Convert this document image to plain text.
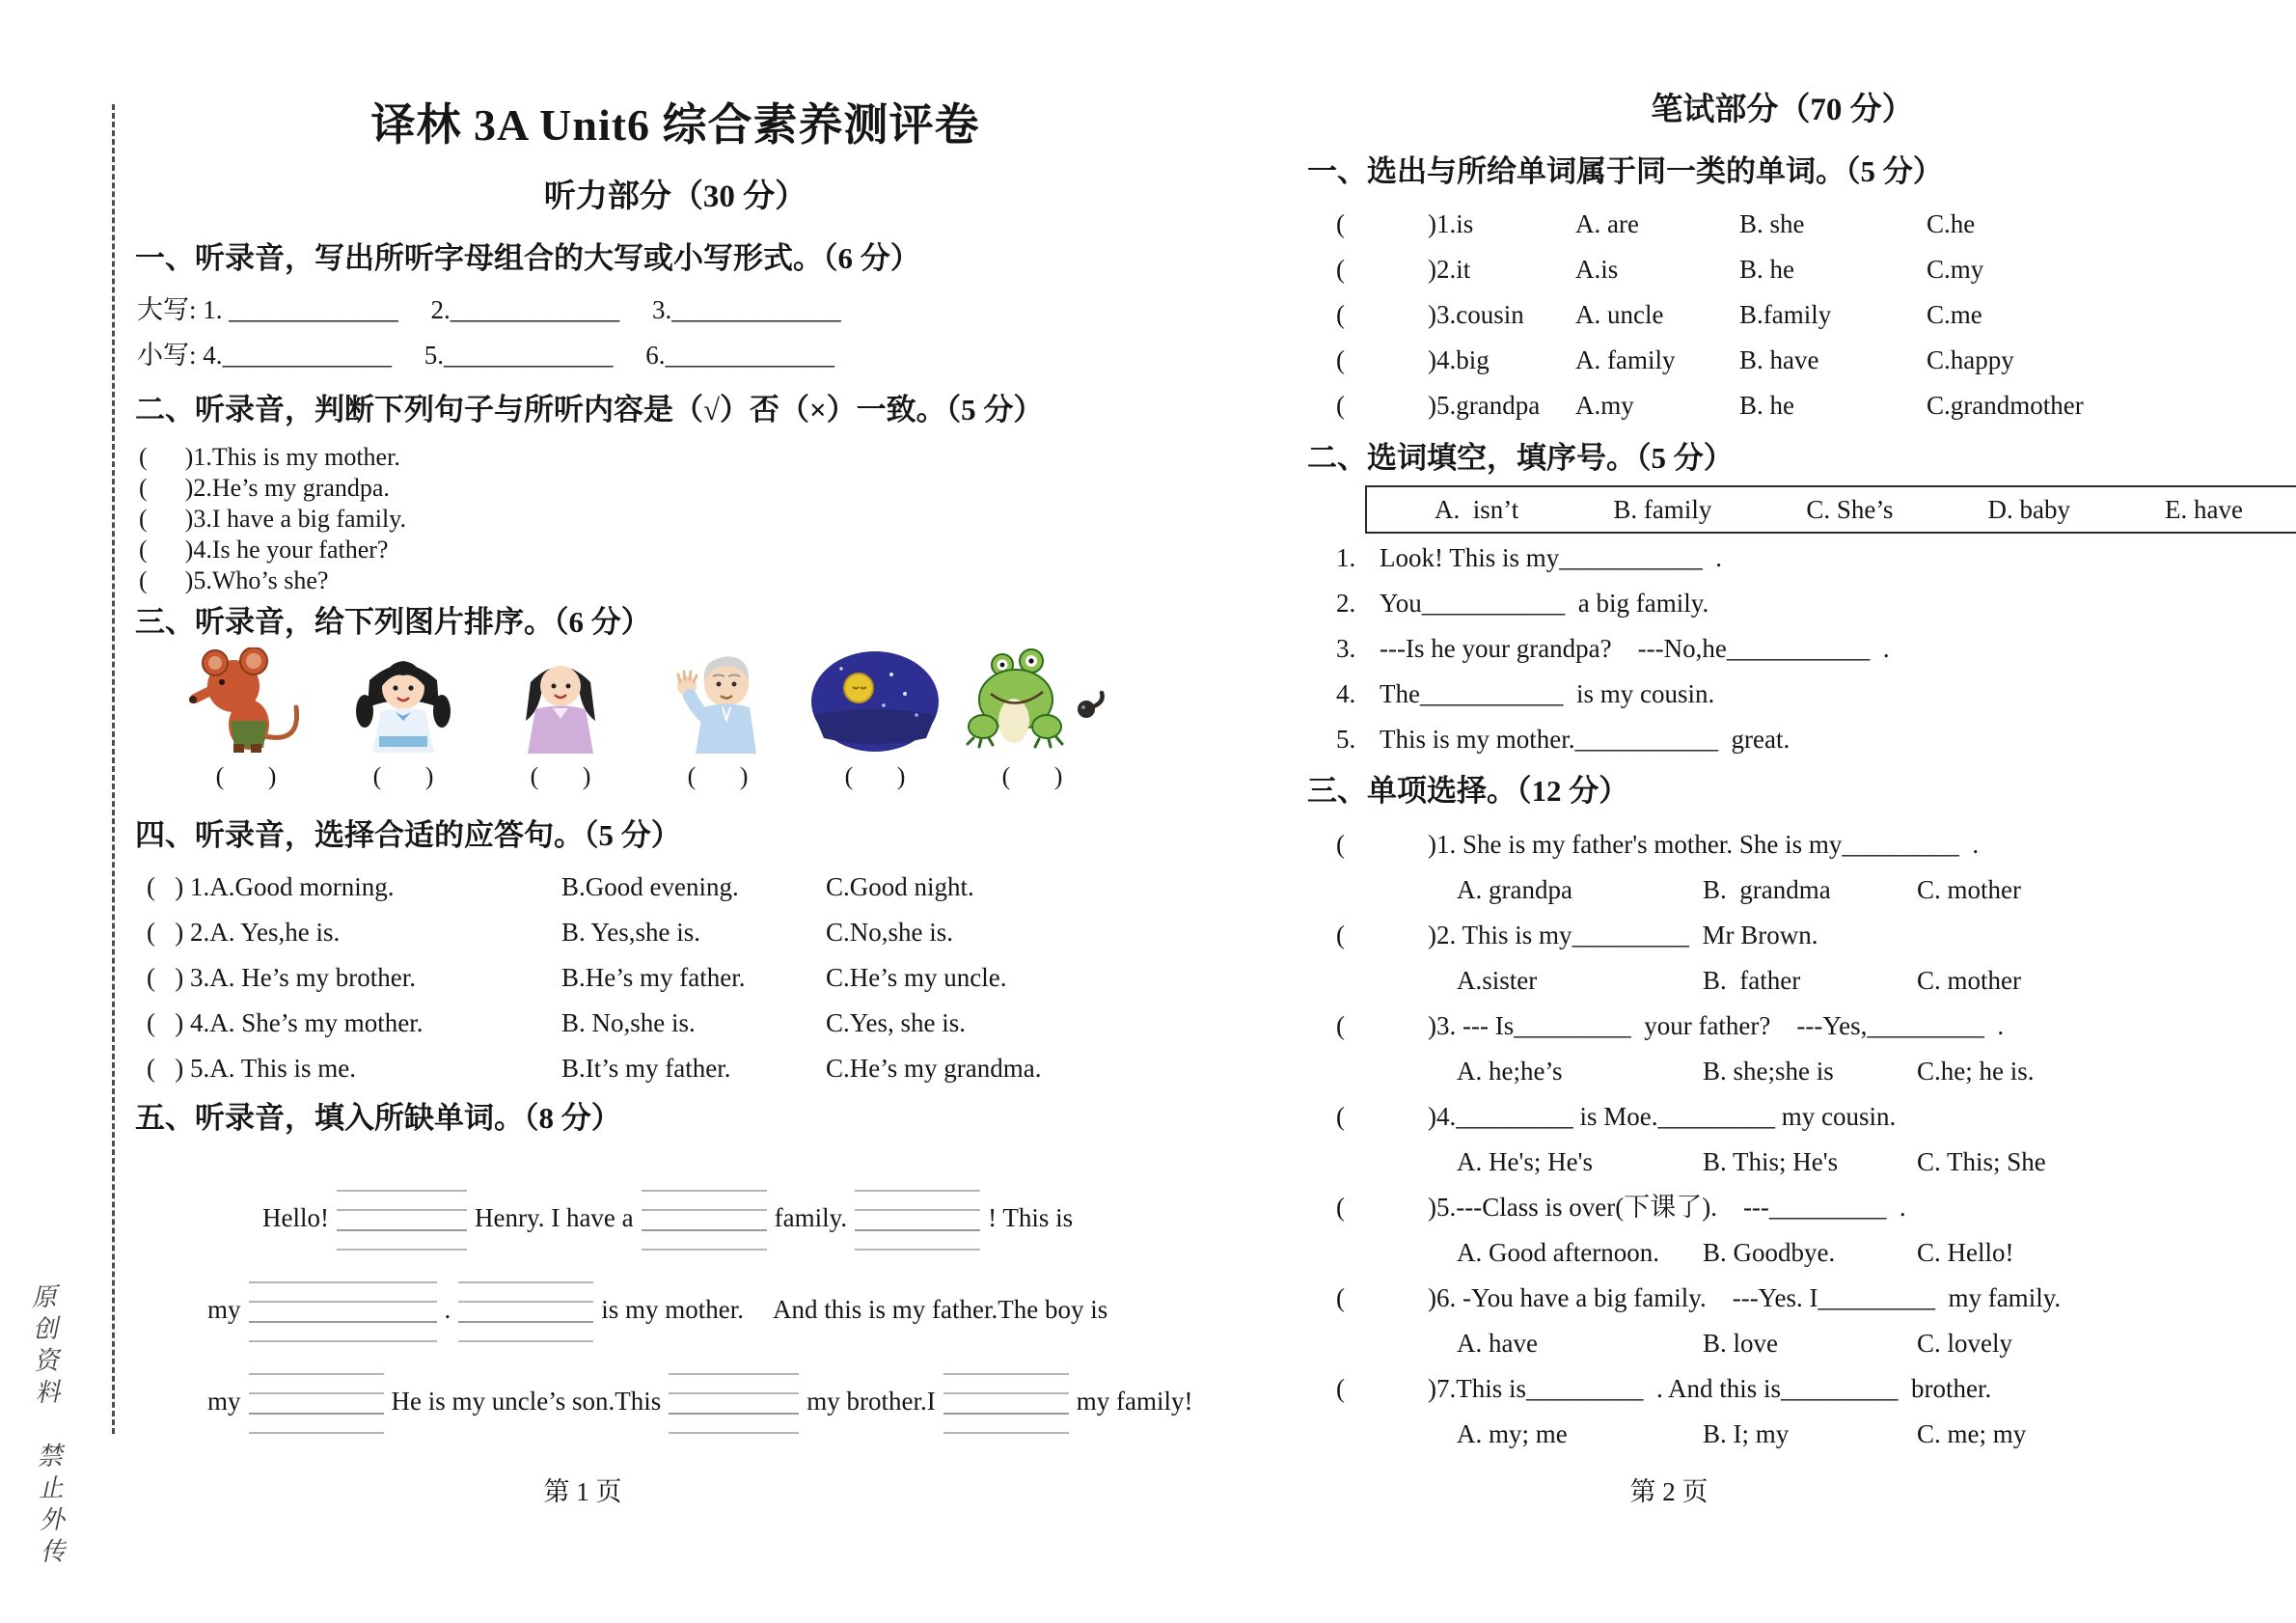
原创资料　禁止外传
译林 3A Unit6 综合素养测评卷
听力部分（30 分）
一、听录音，写出所听字母组合的大写或小写形式。（6 分）
大写: 1. _____________     2._____________     3._____________
小写: 4._____________     5._____________     6._____________
二、听录音，判断下列句子与所听内容是（√）否（×）一致。（5 分）
(      )1.This is my mother.
(      )2.He’s my grandpa.
(      )3.I have a big family.
(      )4.Is he your father?
(      )5.Who’s she?
三、听录音，给下列图片排序。（6 分）
(       )	(       )	(       )	(       )	(       )	(       )
四、听录音，选择合适的应答句。（5 分）
(   ) 1.A.Good morning.	B.Good evening.	C.Good night.
(   ) 2.A. Yes,he is.	B. Yes,she is.	C.No,she is.
(   ) 3.A. He’s my brother.	B.He’s my father.	C.He’s my uncle.
(   ) 4.A. She’s my mother.	B. No,she is.	C.Yes, she is.
(   ) 5.A. This is me.	B.It’s my father.	C.He’s my grandma.
五、听录音，填入所缺单词。（8 分）
Hello!	Henry. I have a	family.	! This is
my	.	is my mother. And this is my father.The boy is
my	He is my uncle’s son.This	my brother.I	my family!
第 1 页
笔试部分（70 分）
一、选出与所给单词属于同一类的单词。（5 分）
(	)1.is	A. are	B. she	C.he
(	)2.it	A.is	B. he	C.my
(	)3.cousin	A. uncle	B.family	C.me
(	)4.big	A. family	B. have	C.happy
(	)5.grandpa	A.my	B. he	C.grandmother
二、选词填空，填序号。（5 分）
A.  isn’t	B. family	C. She’s	D. baby	E. have
1. Look! This is my___________  .
2. You___________  a big family.
3. ---Is he your grandpa?    ---No,he___________  .
4. The___________  is my cousin.
5. This is my mother.___________  great.
三、单项选择。（12 分）
(	)1. She is my father's mother. She is my_________  .
A. grandpa	B.  grandma	C. mother
(	)2. This is my_________  Mr Brown.
A.sister	B.  father	C. mother
(	)3. --- Is_________  your father?    ---Yes,_________  .
A. he;he’s	B. she;she is	C.he; he is.
(	)4._________ is Moe._________ my cousin.
A. He's; He's	B. This; He's	C. This; She
(	)5.---Class is over(下课了).    ---_________  .
A. Good afternoon.	B. Goodbye.	C. Hello!
(	)6. -You have a big family.    ---Yes. I_________  my family.
A. have	B. love	C. lovely
(	)7.This is_________  . And this is_________  brother.
A. my; me	B. I; my	C. me; my
第 2 页
